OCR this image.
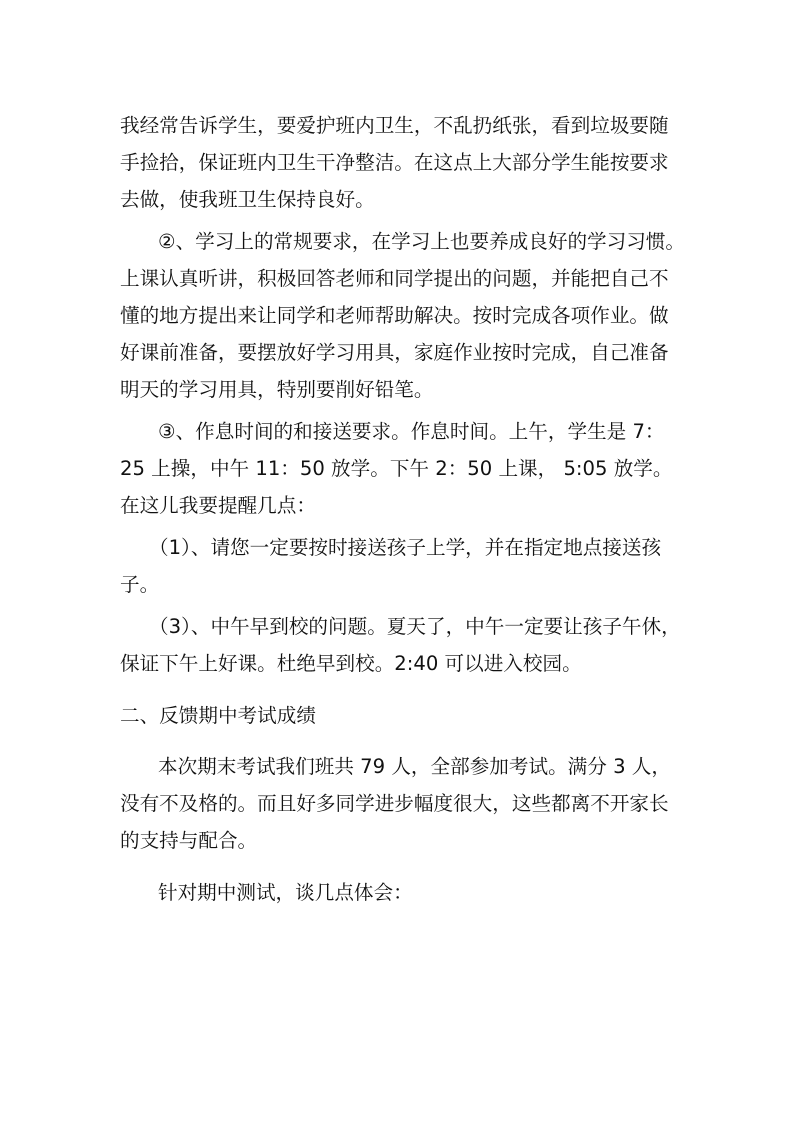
我经常告诉学生，要爱护班内卫生，不乱扔纸张，看到垃圾要随

手捡拾，保证班内卫生干净整洁。在这点上大部分学生能按要求

去做，使我班卫生保持良好。

②、学习上的常规要求，在学习上也要养成良好的学习习惯。

上课认真听讲，积极回答老师和同学提出的问题，并能把自己不

懂的地方提出来让同学和老师帮助解决。按时完成各项作业。做

好课前准备，要摆放好学习用具，家庭作业按时完成，自己准备

明天的学习用具，特别要削好铅笔。

③、作息时间的和接送要求。作息时间。上午，学生是 7：

25 上操，中午 11：50 放学。下午 2：50 上课， 5:05 放学。

在这儿我要提醒几点：

（1）、请您一定要按时接送孩子上学，并在指定地点接送孩

子。

（3）、中午早到校的问题。夏天了，中午一定要让孩子午休，

保证下午上好课。杜绝早到校。2:40 可以进入校园。

二、反馈期中考试成绩

本次期末考试我们班共 79 人，全部参加考试。满分 3 人，

没有不及格的。而且好多同学进步幅度很大，这些都离不开家长

的支持与配合。

针对期中测试，谈几点体会：
